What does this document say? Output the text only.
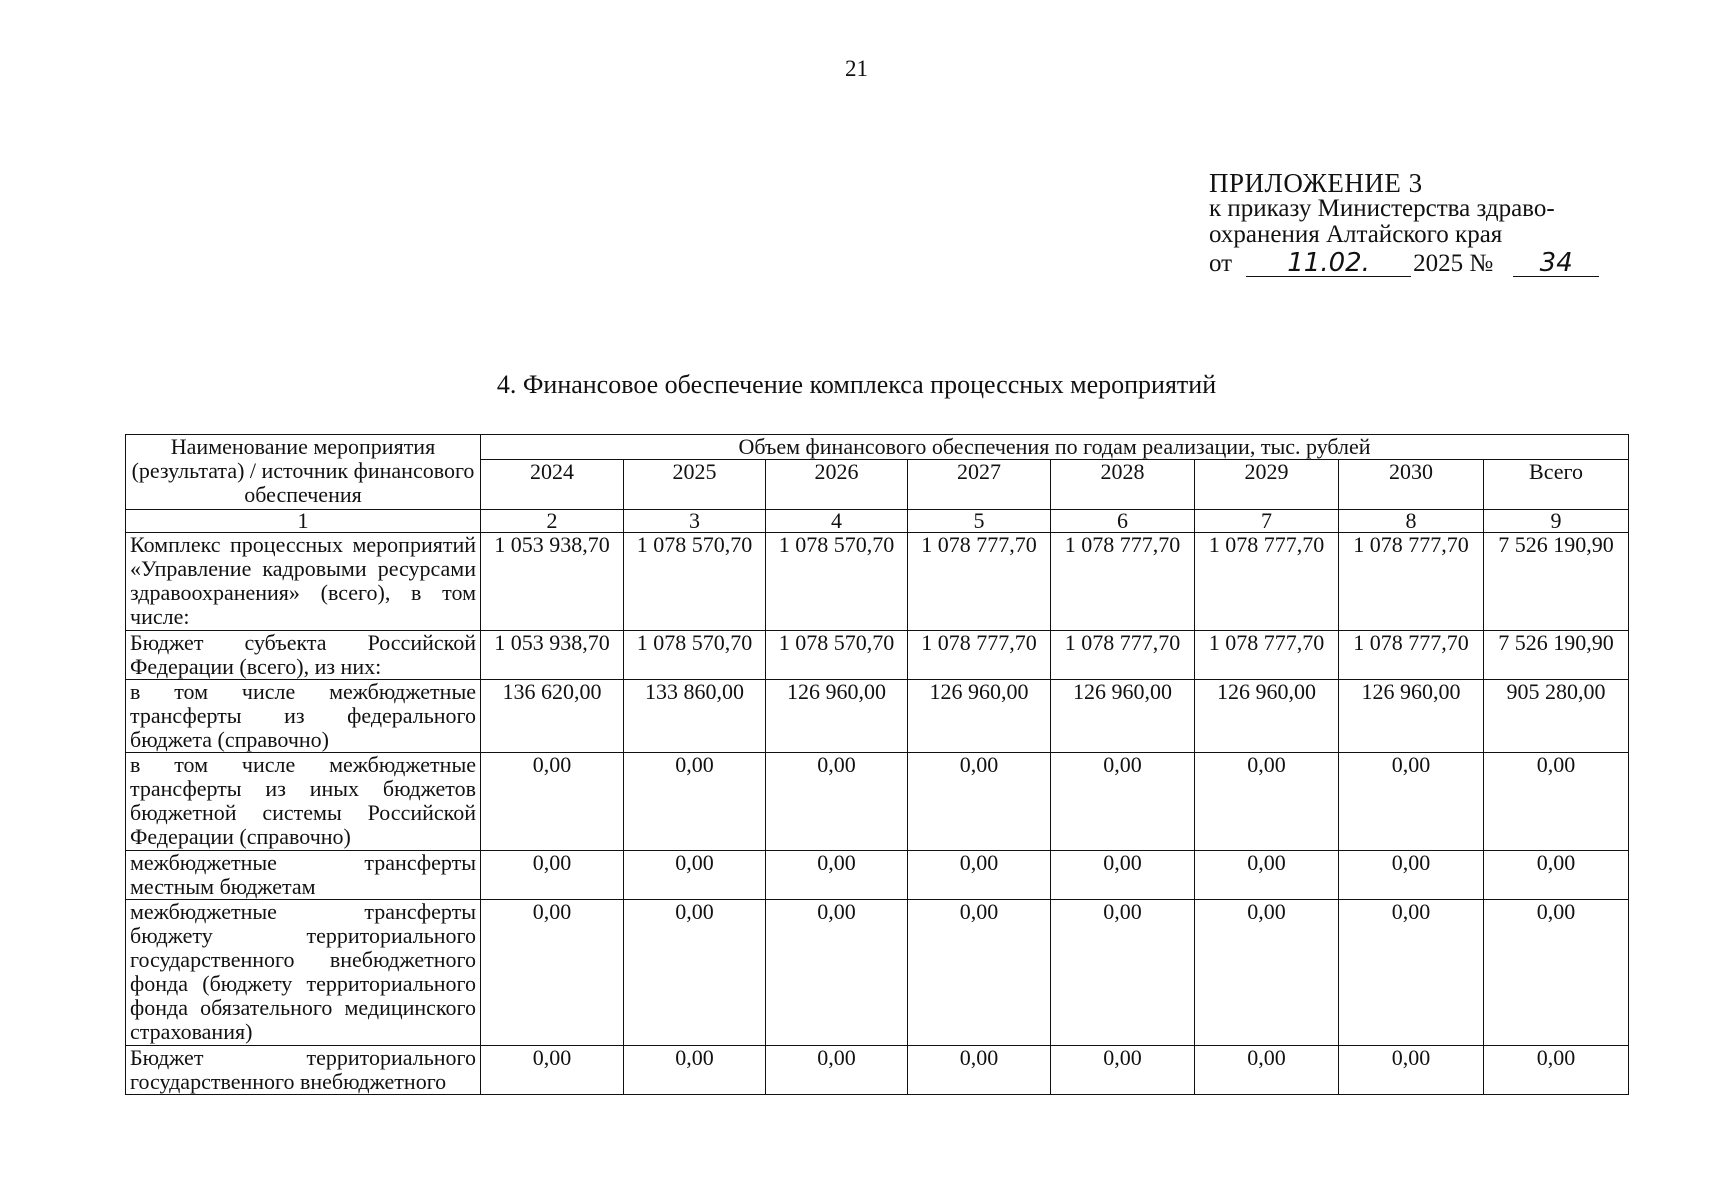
21
ПРИЛОЖЕНИЕ 3
к приказу Министерства здраво-
охранения Алтайского края
от	11.02.	2025 №	34
4. Финансовое обеспечение комплекса процессных мероприятий
Наименование мероприятия (результата) / источник финансового обеспечения	Объем финансового обеспечения по годам реализации, тыс. рублей							
	2024	2025	2026	2027	2028	2029	2030	Всего
1	2	3	4	5	6	7	8	9
Комплекс процессных мероприятий «Управление кадровыми ресурсами здравоохранения» (всего), в том числе:	1 053 938,70	1 078 570,70	1 078 570,70	1 078 777,70	1 078 777,70	1 078 777,70	1 078 777,70	7 526 190,90
Бюджет субъекта Российской Федерации (всего), из них:	1 053 938,70	1 078 570,70	1 078 570,70	1 078 777,70	1 078 777,70	1 078 777,70	1 078 777,70	7 526 190,90
в том числе межбюджетные трансферты из федерального бюджета (справочно)	136 620,00	133 860,00	126 960,00	126 960,00	126 960,00	126 960,00	126 960,00	905 280,00
в том числе межбюджетные трансферты из иных бюджетов бюджетной системы Российской Федерации (справочно)	0,00	0,00	0,00	0,00	0,00	0,00	0,00	0,00
межбюджетные трансферты местным бюджетам	0,00	0,00	0,00	0,00	0,00	0,00	0,00	0,00
межбюджетные трансферты бюджету территориального государственного внебюджетного фонда (бюджету территориального фонда обязательного медицинского страхования)	0,00	0,00	0,00	0,00	0,00	0,00	0,00	0,00
Бюджет территориального государственного внебюджетного	0,00	0,00	0,00	0,00	0,00	0,00	0,00	0,00
